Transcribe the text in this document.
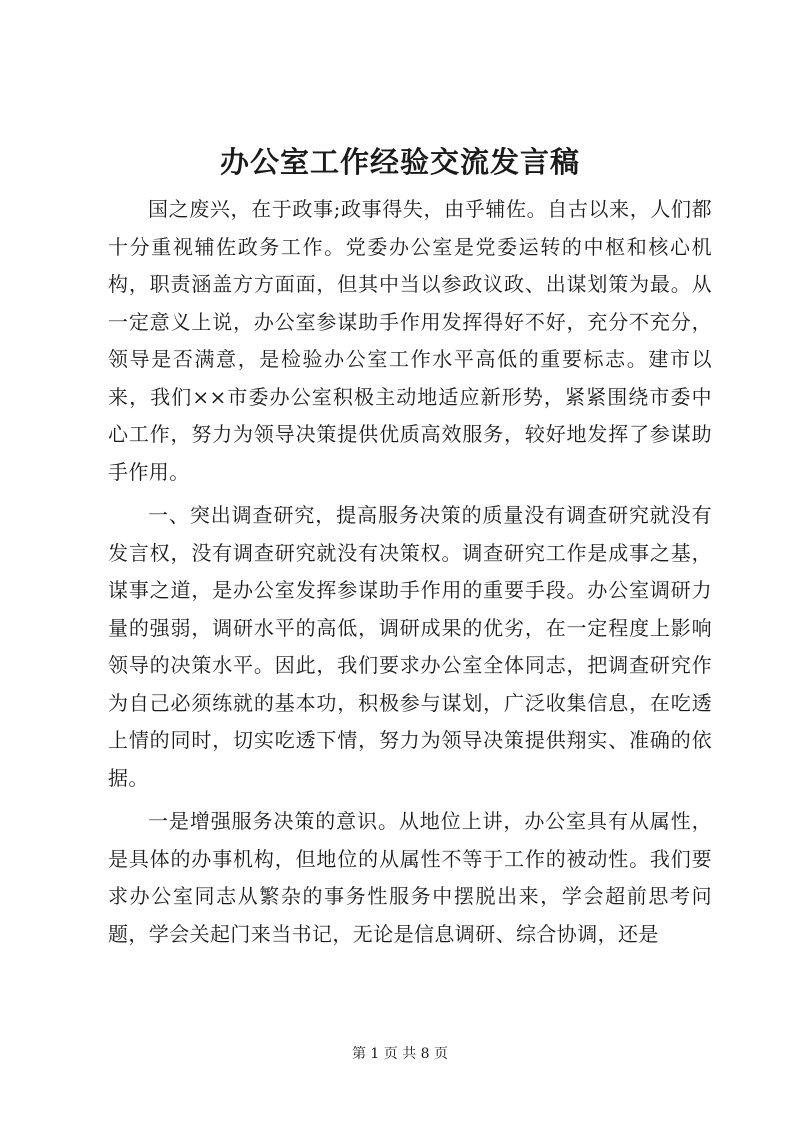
办公室工作经验交流发言稿

国之废兴，在于政事;政事得失，由乎辅佐。自古以来，人们都十分重视辅佐政务工作。党委办公室是党委运转的中枢和核心机构，职责涵盖方方面面，但其中当以参政议政、出谋划策为最。从一定意义上说，办公室参谋助手作用发挥得好不好，充分不充分，领导是否满意，是检验办公室工作水平高低的重要标志。建市以来，我们××市委办公室积极主动地适应新形势，紧紧围绕市委中心工作，努力为领导决策提供优质高效服务，较好地发挥了参谋助手作用。

一、突出调查研究，提高服务决策的质量没有调查研究就没有发言权，没有调查研究就没有决策权。调查研究工作是成事之基，谋事之道，是办公室发挥参谋助手作用的重要手段。办公室调研力量的强弱，调研水平的高低，调研成果的优劣，在一定程度上影响领导的决策水平。因此，我们要求办公室全体同志，把调查研究作为自己必须练就的基本功，积极参与谋划，广泛收集信息，在吃透上情的同时，切实吃透下情，努力为领导决策提供翔实、准确的依据。

一是增强服务决策的意识。从地位上讲，办公室具有从属性，是具体的办事机构，但地位的从属性不等于工作的被动性。我们要求办公室同志从繁杂的事务性服务中摆脱出来，学会超前思考问题，学会关起门来当书记，无论是信息调研、综合协调，还是

第 1 页 共 8 页
